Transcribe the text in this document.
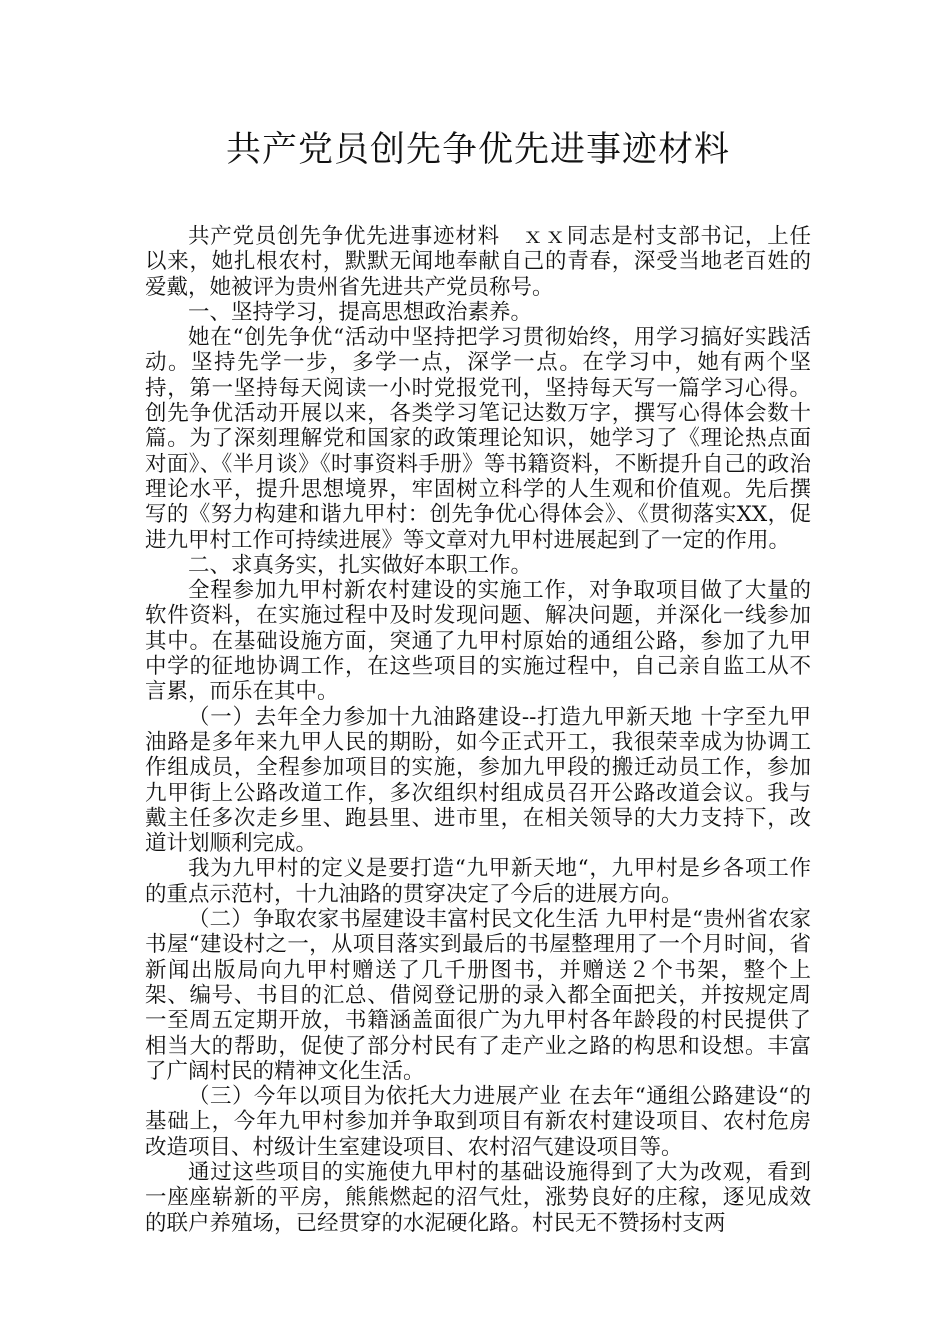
共产党员创先争优先进事迹材料

共产党员创先争优先进事迹材料　ｘｘ同志是村支部书记，上任以来，她扎根农村，默默无闻地奉献自己的青春，深受当地老百姓的爱戴，她被评为贵州省先进共产党员称号。

一、坚持学习，提高思想政治素养。

她在“创先争优“活动中坚持把学习贯彻始终，用学习搞好实践活动。坚持先学一步，多学一点，深学一点。在学习中，她有两个坚持，第一坚持每天阅读一小时党报党刊，坚持每天写一篇学习心得。创先争优活动开展以来，各类学习笔记达数万字，撰写心得体会数十篇。为了深刻理解党和国家的政策理论知识，她学习了《理论热点面对面》、《半月谈》《时事资料手册》等书籍资料，不断提升自己的政治理论水平，提升思想境界，牢固树立科学的人生观和价值观。先后撰写的《努力构建和谐九甲村：创先争优心得体会》、《贯彻落实XX，促进九甲村工作可持续进展》等文章对九甲村进展起到了一定的作用。

二、求真务实，扎实做好本职工作。

全程参加九甲村新农村建设的实施工作，对争取项目做了大量的软件资料，在实施过程中及时发现问题、解决问题，并深化一线参加其中。在基础设施方面，突通了九甲村原始的通组公路，参加了九甲中学的征地协调工作，在这些项目的实施过程中，自己亲自监工从不言累，而乐在其中。

（一）去年全力参加十九油路建设--打造九甲新天地 十字至九甲油路是多年来九甲人民的期盼，如今正式开工，我很荣幸成为协调工作组成员，全程参加项目的实施，参加九甲段的搬迁动员工作，参加九甲街上公路改道工作，多次组织村组成员召开公路改道会议。我与戴主任多次走乡里、跑县里、进市里，在相关领导的大力支持下，改道计划顺利完成。

我为九甲村的定义是要打造“九甲新天地“，九甲村是乡各项工作的重点示范村，十九油路的贯穿决定了今后的进展方向。

（二）争取农家书屋建设丰富村民文化生活 九甲村是“贵州省农家书屋“建设村之一，从项目落实到最后的书屋整理用了一个月时间，省新闻出版局向九甲村赠送了几千册图书，并赠送２个书架，整个上架、编号、书目的汇总、借阅登记册的录入都全面把关，并按规定周一至周五定期开放，书籍涵盖面很广为九甲村各年龄段的村民提供了相当大的帮助，促使了部分村民有了走产业之路的构思和设想。丰富了广阔村民的精神文化生活。

（三）今年以项目为依托大力进展产业 在去年“通组公路建设“的基础上，今年九甲村参加并争取到项目有新农村建设项目、农村危房改造项目、村级计生室建设项目、农村沼气建设项目等。

通过这些项目的实施使九甲村的基础设施得到了大为改观，看到一座座崭新的平房，熊熊燃起的沼气灶，涨势良好的庄稼，逐见成效的联户养殖场，已经贯穿的水泥硬化路。村民无不赞扬村支两
